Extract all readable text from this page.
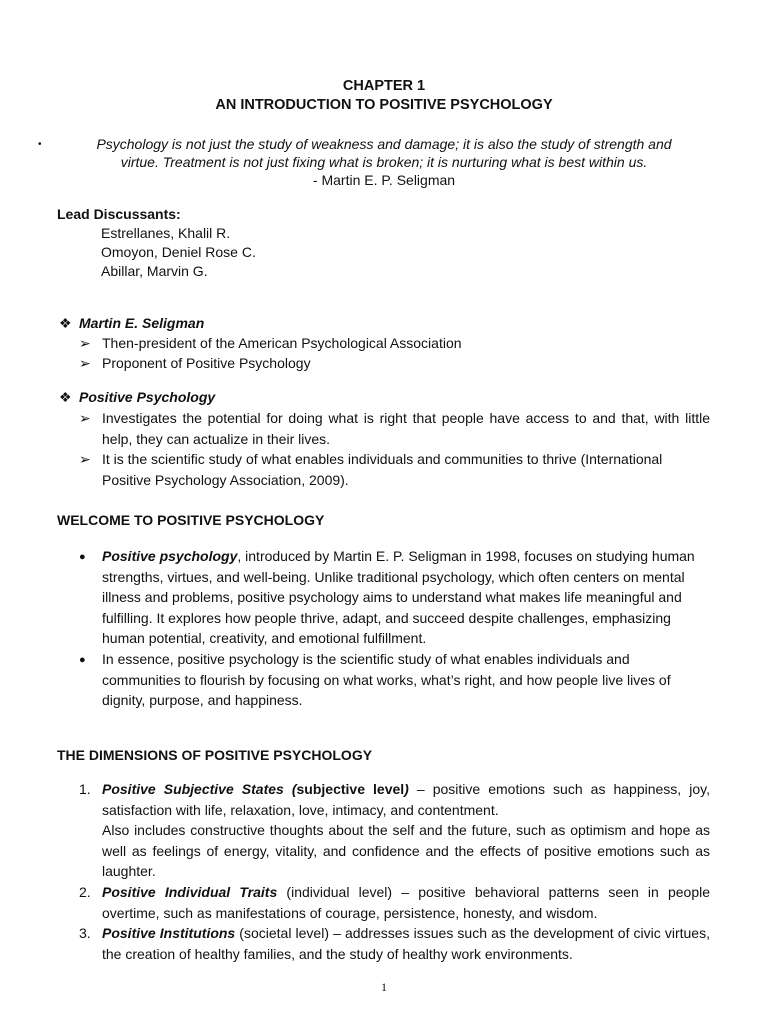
CHAPTER 1
AN INTRODUCTION TO POSITIVE PSYCHOLOGY
•	Psychology is not just the study of weakness and damage; it is also the study of strength and
virtue. Treatment is not just fixing what is broken; it is nurturing what is best within us.
- Martin E. P. Seligman
Lead Discussants:
Estrellanes, Khalil R.
Omoyon, Deniel Rose C.
Abillar, Marvin G.
❖ Martin E. Seligman
➢ Then-president of the American Psychological Association
➢ Proponent of Positive Psychology
❖ Positive Psychology
➢ Investigates the potential for doing what is right that people have access to and that, with little help, they can actualize in their lives.
➢ It is the scientific study of what enables individuals and communities to thrive (International Positive Psychology Association, 2009).
WELCOME TO POSITIVE PSYCHOLOGY
● Positive psychology, introduced by Martin E. P. Seligman in 1998, focuses on studying human strengths, virtues, and well-being. Unlike traditional psychology, which often centers on mental illness and problems, positive psychology aims to understand what makes life meaningful and fulfilling. It explores how people thrive, adapt, and succeed despite challenges, emphasizing human potential, creativity, and emotional fulfillment.
● In essence, positive psychology is the scientific study of what enables individuals and communities to flourish by focusing on what works, what’s right, and how people live lives of dignity, purpose, and happiness.
THE DIMENSIONS OF POSITIVE PSYCHOLOGY
1. Positive Subjective States (subjective level) – positive emotions such as happiness, joy, satisfaction with life, relaxation, love, intimacy, and contentment.
Also includes constructive thoughts about the self and the future, such as optimism and hope as well as feelings of energy, vitality, and confidence and the effects of positive emotions such as laughter.
2. Positive Individual Traits (individual level) – positive behavioral patterns seen in people overtime, such as manifestations of courage, persistence, honesty, and wisdom.
3. Positive Institutions (societal level) – addresses issues such as the development of civic virtues, the creation of healthy families, and the study of healthy work environments.
1
